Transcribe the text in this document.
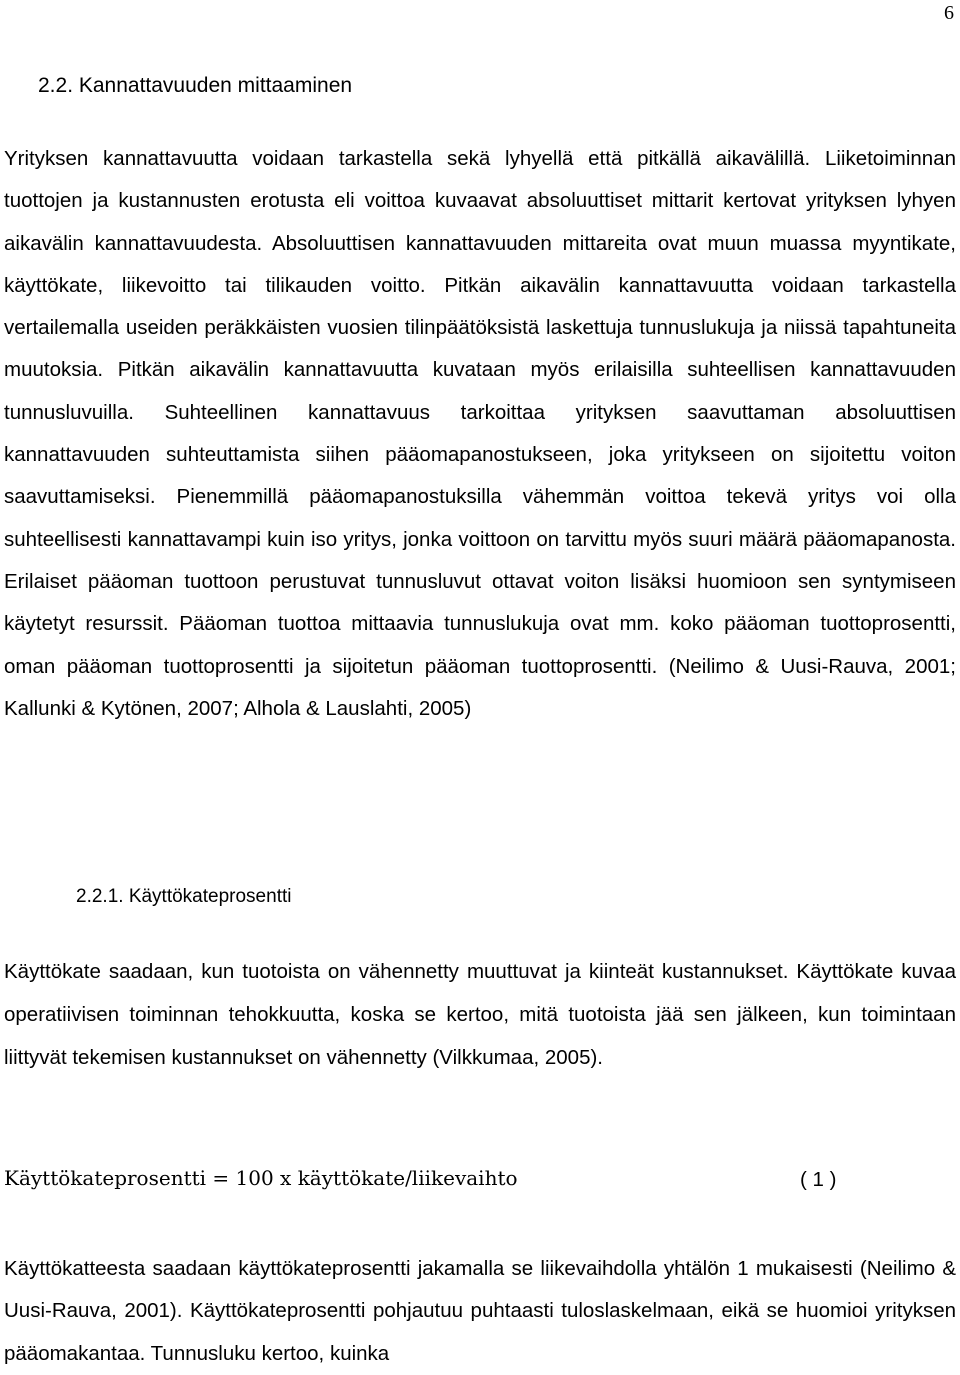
6
2.2. Kannattavuuden mittaaminen

Yrityksen kannattavuutta voidaan tarkastella sekä lyhyellä että pitkällä aikavälillä. Liiketoiminnan tuottojen ja kustannusten erotusta eli voittoa kuvaavat absoluuttiset mittarit kertovat yrityksen lyhyen aikavälin kannattavuudesta. Absoluuttisen kannattavuuden mittareita ovat muun muassa myyntikate, käyttökate, liikevoitto tai tilikauden voitto. Pitkän aikavälin kannattavuutta voidaan tarkastella vertailemalla useiden peräkkäisten vuosien tilinpäätöksistä laskettuja tunnuslukuja ja niissä tapahtuneita muutoksia. Pitkän aikavälin kannattavuutta kuvataan myös erilaisilla suhteellisen kannattavuuden tunnusluvuilla. Suhteellinen kannattavuus tarkoittaa yrityksen saavuttaman absoluuttisen kannattavuuden suhteuttamista siihen pääomapanostukseen, joka yritykseen on sijoitettu voiton saavuttamiseksi. Pienemmillä pääomapanostuksilla vähemmän voittoa tekevä yritys voi olla suhteellisesti kannattavampi kuin iso yritys, jonka voittoon on tarvittu myös suuri määrä pääomapanosta. Erilaiset pääoman tuottoon perustuvat tunnusluvut ottavat voiton lisäksi huomioon sen syntymiseen käytetyt resurssit. Pääoman tuottoa mittaavia tunnuslukuja ovat mm. koko pääoman tuottoprosentti, oman pääoman tuottoprosentti ja sijoitetun pääoman tuottoprosentti. (Neilimo & Uusi-Rauva, 2001; Kallunki & Kytönen, 2007; Alhola & Lauslahti, 2005)

2.2.1. Käyttökateprosentti

Käyttökate saadaan, kun tuotoista on vähennetty muuttuvat ja kiinteät kustannukset. Käyttökate kuvaa operatiivisen toiminnan tehokkuutta, koska se kertoo, mitä tuotoista jää sen jälkeen, kun toimintaan liittyvät tekemisen kustannukset on vähennetty (Vilkkumaa, 2005).

Käyttökateprosentti = 100 x käyttökate/liikevaihto	( 1 )

Käyttökatteesta saadaan käyttökateprosentti jakamalla se liikevaihdolla yhtälön 1 mukaisesti (Neilimo & Uusi-Rauva, 2001). Käyttökateprosentti pohjautuu puhtaasti tuloslaskelmaan, eikä se huomioi yrityksen pääomakantaa. Tunnusluku kertoo, kuinka
